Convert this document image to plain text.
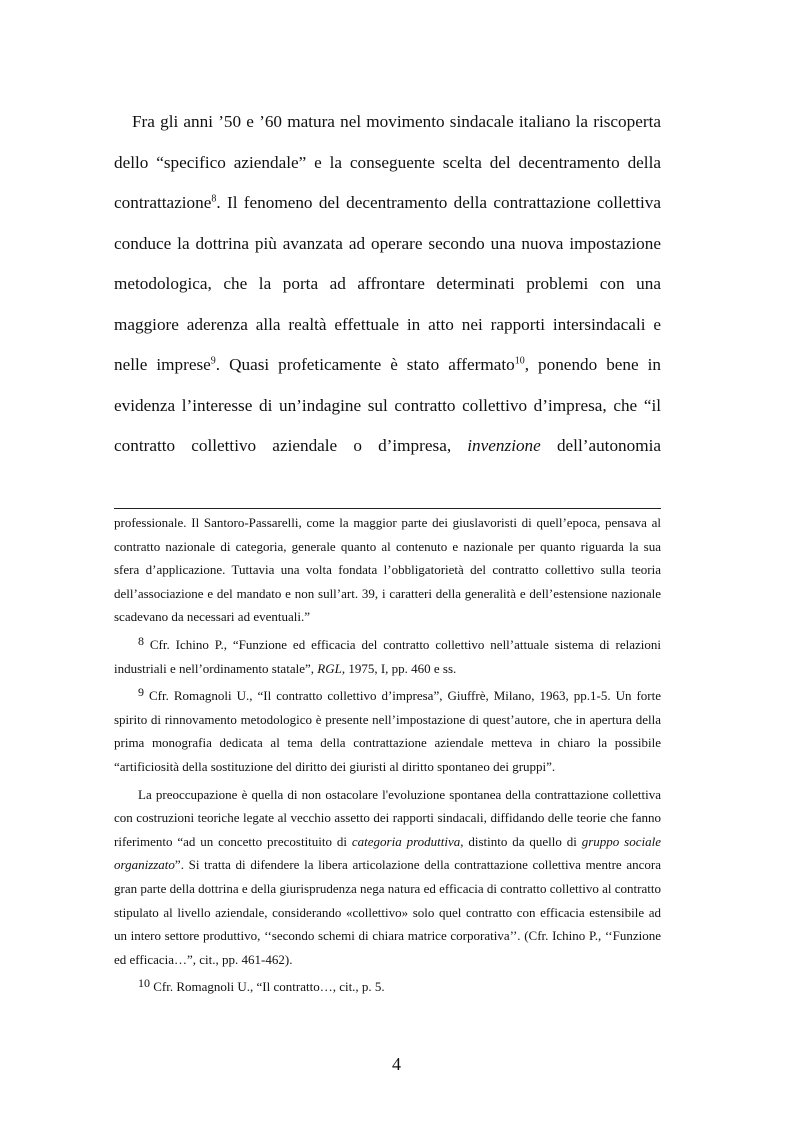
Fra gli anni ’50 e ’60 matura nel movimento sindacale italiano la riscoperta dello “specifico aziendale” e la conseguente scelta del decentramento della contrattazione$^8$. Il fenomeno del decentramento della contrattazione collettiva conduce la dottrina più avanzata ad operare secondo una nuova impostazione metodologica, che la porta ad affrontare determinati problemi con una maggiore aderenza alla realtà effettuale in atto nei rapporti intersindacali e nelle imprese$^9$. Quasi profeticamente è stato affermato$^{10}$, ponendo bene in evidenza l’interesse di un’indagine sul contratto collettivo d’impresa, che “il contratto collettivo aziendale o d’impresa, invenzione dell’autonomia

professionale. Il Santoro-Passarelli, come la maggior parte dei giuslavoristi di quell’epoca, pensava al contratto nazionale di categoria, generale quanto al contenuto e nazionale per quanto riguarda la sua sfera d’applicazione. Tuttavia una volta fondata l’obbligatorietà del contratto collettivo sulla teoria dell’associazione e del mandato e non sull’art. 39, i caratteri della generalità e dell’estensione nazionale scadevano da necessari ad eventuali.”

8 Cfr. Ichino P., “Funzione ed efficacia del contratto collettivo nell’attuale sistema di relazioni industriali e nell’ordinamento statale”, RGL, 1975, I, pp. 460 e ss.

9 Cfr. Romagnoli U., “Il contratto collettivo d’impresa”, Giuffrè, Milano, 1963, pp.1-5. Un forte spirito di rinnovamento metodologico è presente nell’impostazione di quest’autore, che in apertura della prima monografia dedicata al tema della contrattazione aziendale metteva in chiaro la possibile “artificiosità della sostituzione del diritto dei giuristi al diritto spontaneo dei gruppi”.

La preoccupazione è quella di non ostacolare l'evoluzione spontanea della contrattazione collettiva con costruzioni teoriche legate al vecchio assetto dei rapporti sindacali, diffidando delle teorie che fanno riferimento “ad un concetto precostituito di categoria produttiva, distinto da quello di gruppo sociale organizzato”. Si tratta di difendere la libera articolazione della contrattazione collettiva mentre ancora gran parte della dottrina e della giurisprudenza nega natura ed efficacia di contratto collettivo al contratto stipulato al livello aziendale, considerando «collettivo» solo quel contratto con efficacia estensibile ad un intero settore produttivo, ‘‘secondo schemi di chiara matrice corporativa’’. (Cfr. Ichino P., ‘‘Funzione ed efficacia…”, cit., pp. 461-462).

10 Cfr. Romagnoli U., “Il contratto…, cit., p. 5.

4
